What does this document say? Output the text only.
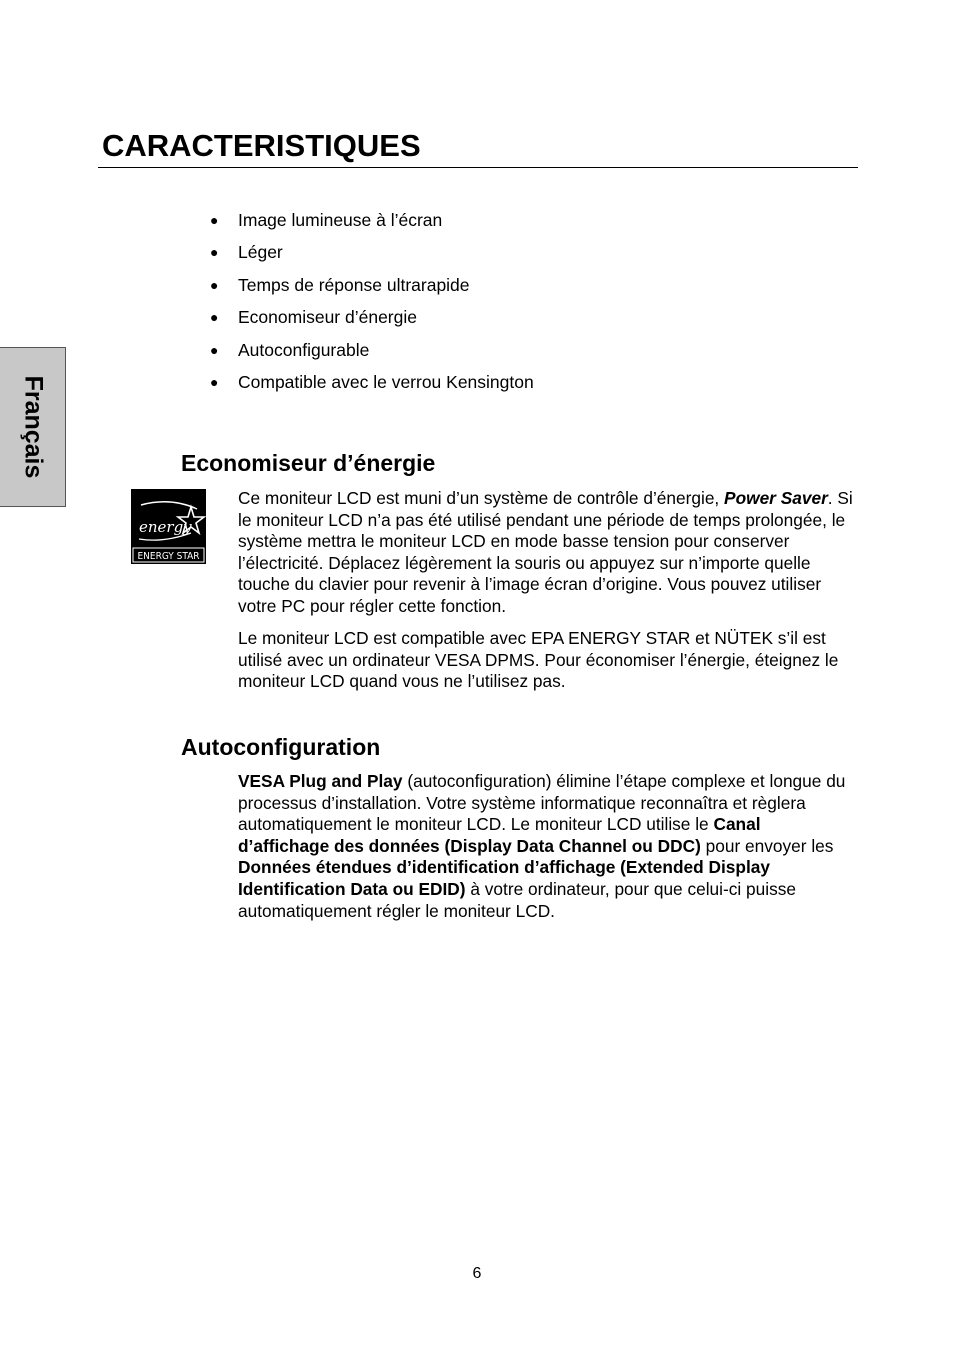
CARACTERISTIQUES
Français
● Image lumineuse à l’écran
● Léger
● Temps de réponse ultrarapide
● Economiseur d’énergie
● Autoconfigurable
● Compatible avec le verrou Kensington
Economiseur d’énergie
energy
ENERGY STAR

Ce moniteur LCD est muni d’un système de contrôle d’énergie, Power Saver. Si le moniteur LCD n’a pas été utilisé pendant une période de temps prolongée, le système mettra le moniteur LCD en mode basse tension pour conserver l’électricité. Déplacez légèrement la souris ou appuyez sur n’importe quelle touche du clavier pour revenir à l’image écran d’origine. Vous pouvez utiliser votre PC pour régler cette fonction.

Le moniteur LCD est compatible avec EPA ENERGY STAR et NÜTEK s’il est utilisé avec un ordinateur VESA DPMS. Pour économiser l’énergie, éteignez le moniteur LCD quand vous ne l’utilisez pas.

Autoconfiguration

VESA Plug and Play (autoconfiguration) élimine l’étape complexe et longue du processus d’installation. Votre système informatique reconnaîtra et règlera automatiquement le moniteur LCD. Le moniteur LCD utilise le Canal d’affichage des données (Display Data Channel ou DDC) pour envoyer les Données étendues d’identification d’affichage (Extended Display Identification Data ou EDID) à votre ordinateur, pour que celui-ci puisse automatiquement régler le moniteur LCD.

6
